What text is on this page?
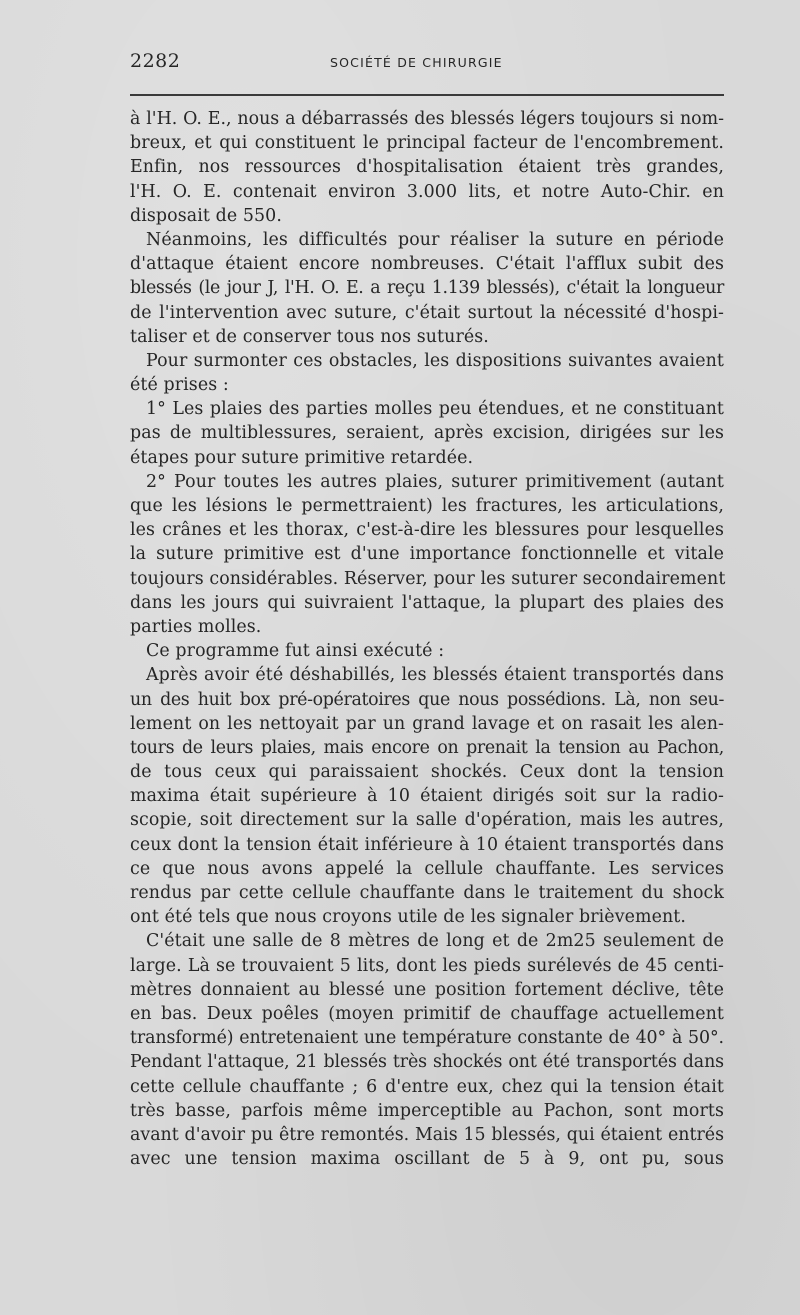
2282	SOCIÉTÉ DE CHIRURGIE
à l'H. O. E., nous a débarrassés des blessés légers toujours si nom-
breux, et qui constituent le principal facteur de l'encombrement.
Enfin, nos ressources d'hospitalisation étaient très grandes,
l'H. O. E. contenait environ 3.000 lits, et notre Auto-Chir. en
disposait de 550.
Néanmoins, les difficultés pour réaliser la suture en période
d'attaque étaient encore nombreuses. C'était l'afflux subit des
blessés (le jour J, l'H. O. E. a reçu 1.139 blessés), c'était la longueur
de l'intervention avec suture, c'était surtout la nécessité d'hospi-
taliser et de conserver tous nos suturés.
Pour surmonter ces obstacles, les dispositions suivantes avaient
été prises :
1° Les plaies des parties molles peu étendues, et ne constituant
pas de multiblessures, seraient, après excision, dirigées sur les
étapes pour suture primitive retardée.
2° Pour toutes les autres plaies, suturer primitivement (autant
que les lésions le permettraient) les fractures, les articulations,
les crânes et les thorax, c'est-à-dire les blessures pour lesquelles
la suture primitive est d'une importance fonctionnelle et vitale
toujours considérables. Réserver, pour les suturer secondairement
dans les jours qui suivraient l'attaque, la plupart des plaies des
parties molles.
Ce programme fut ainsi exécuté :
Après avoir été déshabillés, les blessés étaient transportés dans
un des huit box pré-opératoires que nous possédions. Là, non seu-
lement on les nettoyait par un grand lavage et on rasait les alen-
tours de leurs plaies, mais encore on prenait la tension au Pachon,
de tous ceux qui paraissaient shockés. Ceux dont la tension
maxima était supérieure à 10 étaient dirigés soit sur la radio-
scopie, soit directement sur la salle d'opération, mais les autres,
ceux dont la tension était inférieure à 10 étaient transportés dans
ce que nous avons appelé la cellule chauffante. Les services
rendus par cette cellule chauffante dans le traitement du shock
ont été tels que nous croyons utile de les signaler brièvement.
C'était une salle de 8 mètres de long et de 2m25 seulement de
large. Là se trouvaient 5 lits, dont les pieds surélevés de 45 centi-
mètres donnaient au blessé une position fortement déclive, tête
en bas. Deux poêles (moyen primitif de chauffage actuellement
transformé) entretenaient une température constante de 40° à 50°.
Pendant l'attaque, 21 blessés très shockés ont été transportés dans
cette cellule chauffante ; 6 d'entre eux, chez qui la tension était
très basse, parfois même imperceptible au Pachon, sont morts
avant d'avoir pu être remontés. Mais 15 blessés, qui étaient entrés
avec une tension maxima oscillant de 5 à 9, ont pu, sous
